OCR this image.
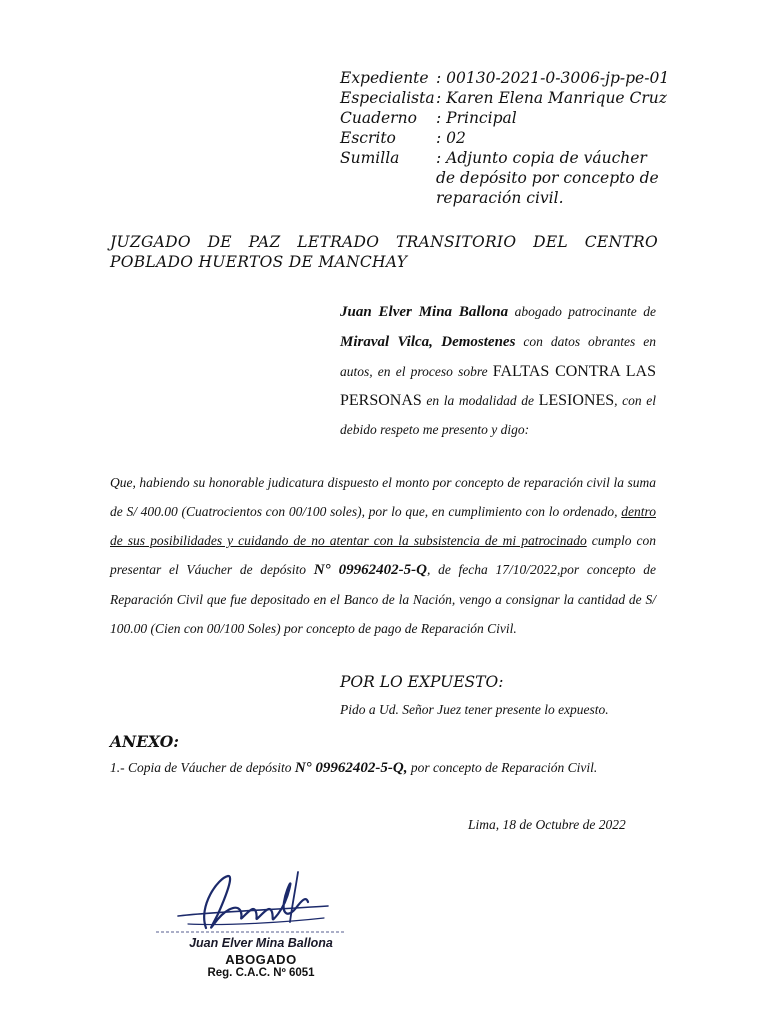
Expediente : 00130-2021-0-3006-jp-pe-01
Especialista : Karen Elena Manrique Cruz
Cuaderno	: Principal
Escrito	: 02
Sumilla	: Adjunto copia de váucher de depósito por concepto de reparación civil.
JUZGADO DE PAZ LETRADO TRANSITORIO DEL CENTRO POBLADO HUERTOS DE MANCHAY
Juan Elver Mina Ballona abogado patrocinante de Miraval Vilca, Demostenes con datos obrantes en autos, en el proceso sobre FALTAS CONTRA LAS PERSONAS en la modalidad de LESIONES, con el debido respeto me presento y digo:
Que, habiendo su honorable judicatura dispuesto el monto por concepto de reparación civil la suma de S/ 400.00 (Cuatrocientos con 00/100 soles), por lo que, en cumplimiento con lo ordenado, dentro de sus posibilidades y cuidando de no atentar con la subsistencia de mi patrocinado cumplo con presentar el Váucher de depósito N° 09962402-5-Q, de fecha 17/10/2022,por concepto de Reparación Civil que fue depositado en el Banco de la Nación, vengo a consignar la cantidad de S/ 100.00 (Cien con 00/100 Soles) por concepto de pago de Reparación Civil.
POR LO EXPUESTO:
Pido a Ud. Señor Juez tener presente lo expuesto.
ANEXO:
1.- Copia de Váucher de depósito N° 09962402-5-Q, por concepto de Reparación Civil.
Lima, 18 de Octubre de 2022
Juan Elver Mina Ballona
ABOGADO
Reg. C.A.C. Nº 6051
